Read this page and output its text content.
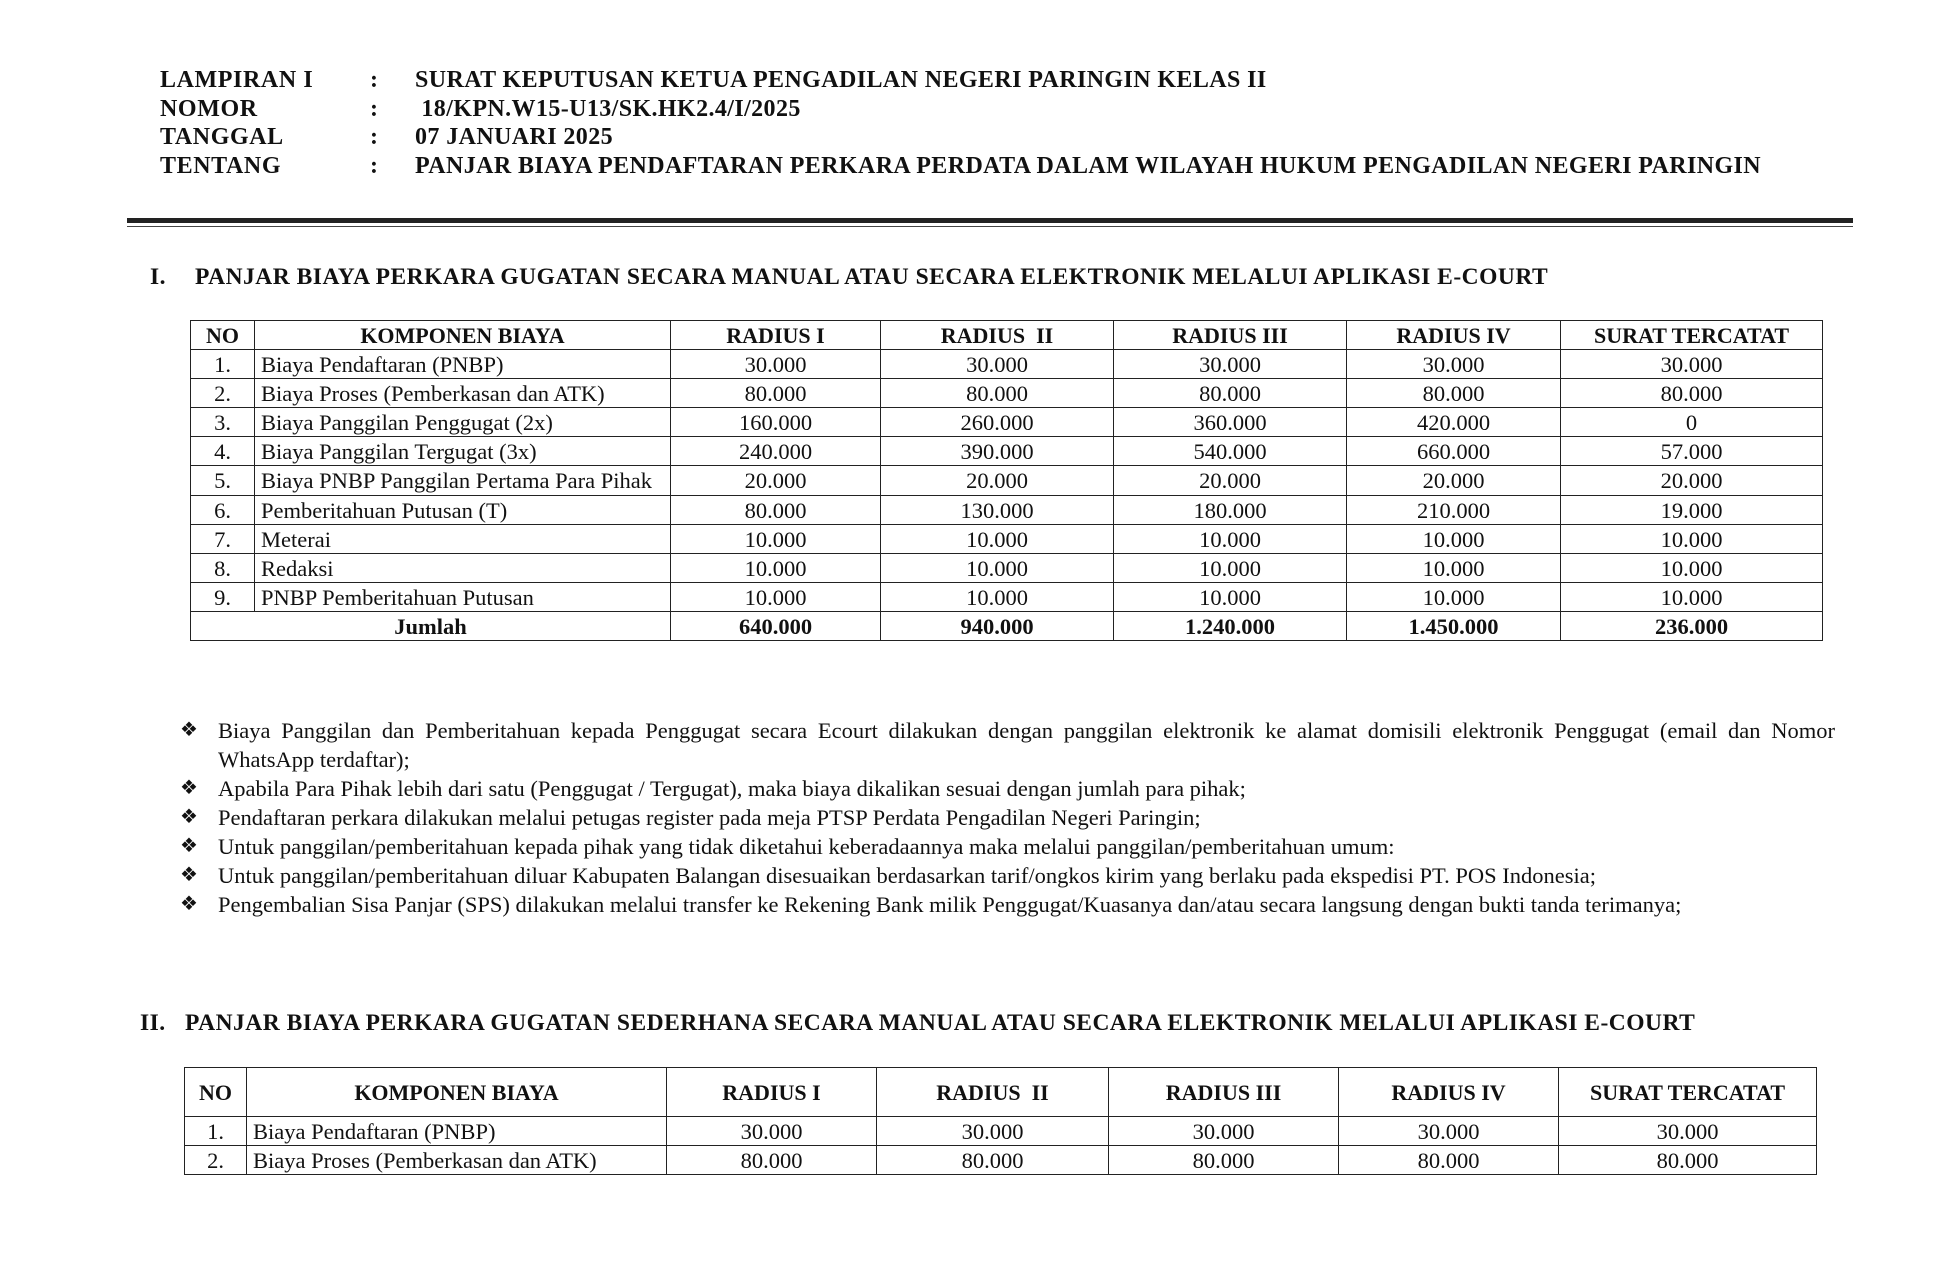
LAMPIRAN I	:	SURAT KEPUTUSAN KETUA PENGADILAN NEGERI PARINGIN KELAS II
NOMOR	:	18/KPN.W15-U13/SK.HK2.4/I/2025
TANGGAL	:	07 JANUARI 2025
TENTANG	:	PANJAR BIAYA PENDAFTARAN PERKARA PERDATA DALAM WILAYAH HUKUM PENGADILAN NEGERI PARINGIN
I.	PANJAR BIAYA PERKARA GUGATAN SECARA MANUAL ATAU SECARA ELEKTRONIK MELALUI APLIKASI E-COURT
NO	KOMPONEN BIAYA	RADIUS I	RADIUS  II	RADIUS III	RADIUS IV	SURAT TERCATAT
1.	Biaya Pendaftaran (PNBP)	30.000	30.000	30.000	30.000	30.000
2.	Biaya Proses (Pemberkasan dan ATK)	80.000	80.000	80.000	80.000	80.000
3.	Biaya Panggilan Penggugat (2x)	160.000	260.000	360.000	420.000	0
4.	Biaya Panggilan Tergugat (3x)	240.000	390.000	540.000	660.000	57.000
5.	Biaya PNBP Panggilan Pertama Para Pihak	20.000	20.000	20.000	20.000	20.000
6.	Pemberitahuan Putusan (T)	80.000	130.000	180.000	210.000	19.000
7.	Meterai	10.000	10.000	10.000	10.000	10.000
8.	Redaksi	10.000	10.000	10.000	10.000	10.000
9.	PNBP Pemberitahuan Putusan	10.000	10.000	10.000	10.000	10.000
Jumlah		640.000	940.000	1.240.000	1.450.000	236.000
❖ Biaya Panggilan dan Pemberitahuan kepada Penggugat secara Ecourt dilakukan dengan panggilan elektronik ke alamat domisili elektronik Penggugat (email dan Nomor WhatsApp terdaftar);
❖ Apabila Para Pihak lebih dari satu (Penggugat / Tergugat), maka biaya dikalikan sesuai dengan jumlah para pihak;
❖ Pendaftaran perkara dilakukan melalui petugas register pada meja PTSP Perdata Pengadilan Negeri Paringin;
❖ Untuk panggilan/pemberitahuan kepada pihak yang tidak diketahui keberadaannya maka melalui panggilan/pemberitahuan umum:
❖ Untuk panggilan/pemberitahuan diluar Kabupaten Balangan disesuaikan berdasarkan tarif/ongkos kirim yang berlaku pada ekspedisi PT. POS Indonesia;
❖ Pengembalian Sisa Panjar (SPS) dilakukan melalui transfer ke Rekening Bank milik Penggugat/Kuasanya dan/atau secara langsung dengan bukti tanda terimanya;
II. PANJAR BIAYA PERKARA GUGATAN SEDERHANA SECARA MANUAL ATAU SECARA ELEKTRONIK MELALUI APLIKASI E-COURT
NO	KOMPONEN BIAYA	RADIUS I	RADIUS  II	RADIUS III	RADIUS IV	SURAT TERCATAT
1.	Biaya Pendaftaran (PNBP)	30.000	30.000	30.000	30.000	30.000
2.	Biaya Proses (Pemberkasan dan ATK)	80.000	80.000	80.000	80.000	80.000
